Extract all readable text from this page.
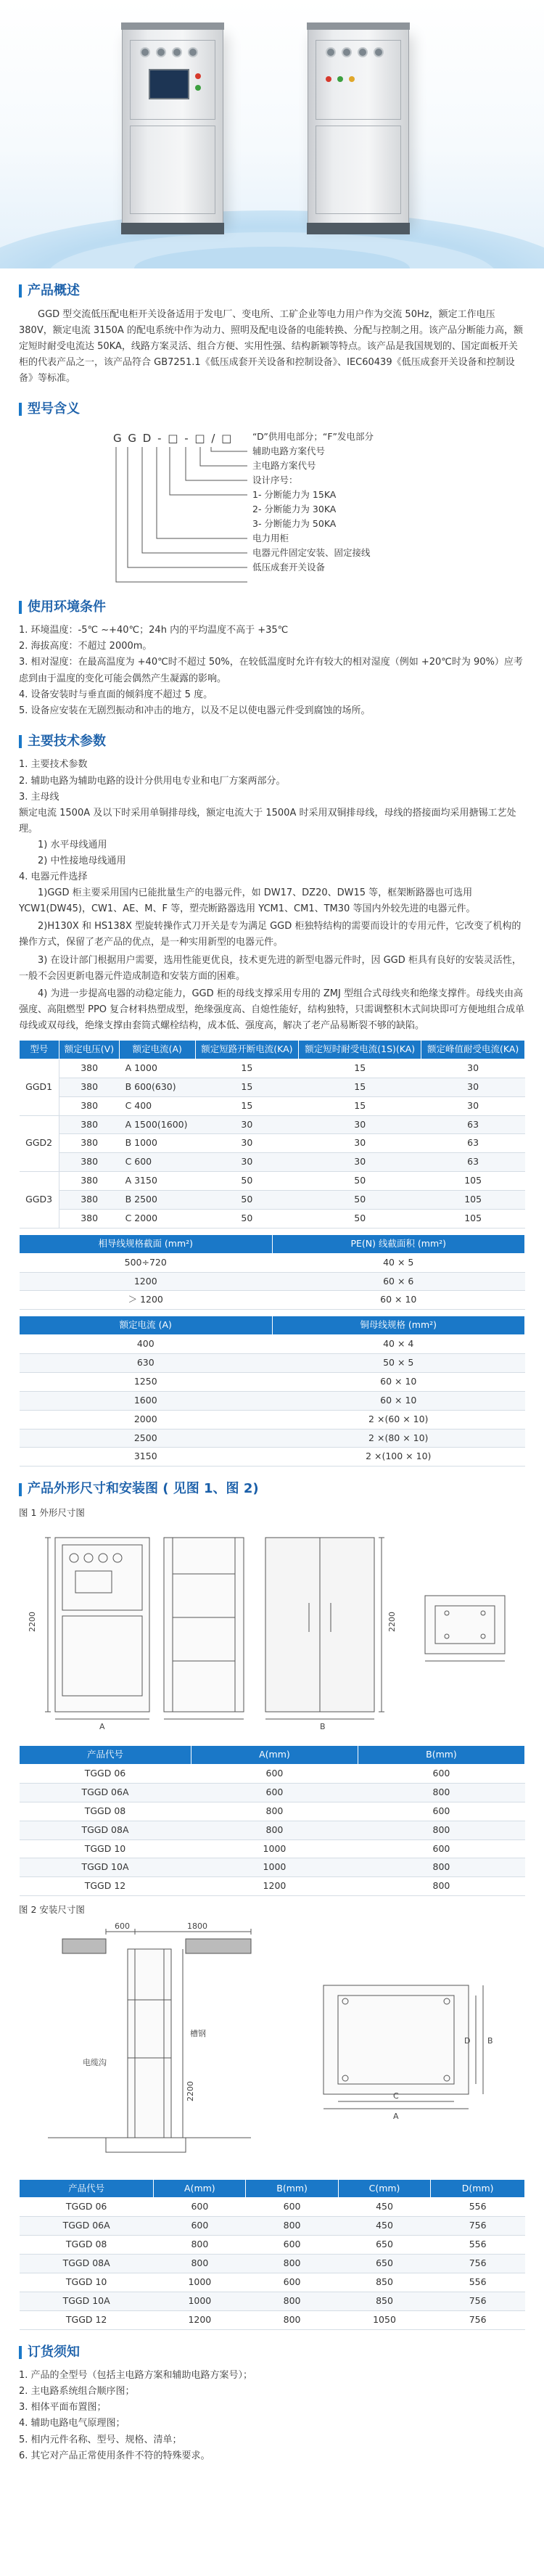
产品概述

GGD 型交流低压配电柜开关设备适用于发电厂、变电所、工矿企业等电力用户作为交流 50Hz，额定工作电压 380V，额定电流 3150A 的配电系统中作为动力、照明及配电设备的电能转换、分配与控制之用。该产品分断能力高，额定短时耐受电流达 50KA，线路方案灵活、组合方便、实用性强、结构新颖等特点。该产品是我国规划的、国定面板开关柜的代表产品之一，该产品符合 GB7251.1《低压成套开关设备和控制设备》、IEC60439《低压成套开关设备和控制设备》等标准。

型号含义
G G D - □ - □ / □ “D”供用电部分；“F”发电部分
辅助电路方案代号
主电路方案代号
设计序号：
1- 分断能力为 15KA
2- 分断能力为 30KA
3- 分断能力为 50KA
电力用柜
电器元件固定安装、固定接线
低压成套开关设备
使用环境条件

1. 环境温度：-5℃ ~+40℃；24h 内的平均温度不高于 +35℃

2. 海拔高度：不超过 2000m。

3. 相对湿度：在最高温度为 +40℃时不超过 50%，在较低温度时允许有较大的相对湿度（例如 +20℃时为 90%）应考虑到由于温度的变化可能会偶然产生凝露的影响。

4. 设备安装时与垂直面的倾斜度不超过 5 度。

5. 设备应安装在无剧烈振动和冲击的地方，以及不足以使电器元件受到腐蚀的场所。

主要技术参数

1. 主要技术参数

2. 辅助电路为辅助电路的设计分供用电专业和电厂方案两部分。

3. 主母线

额定电流 1500A 及以下时采用单铜排母线，额定电流大于 1500A 时采用双铜排母线，母线的搭接面均采用搪锡工艺处理。

1) 水平母线通用

2) 中性接地母线通用

4. 电器元件选择

1)GGD 柜主要采用国内已能批量生产的电器元件，如 DW17、DZ20、DW15 等，框架断路器也可选用 YCW1(DW45)，CW1、AE、M、F 等，塑壳断路器选用 YCM1、CM1、TM30 等国内外较先进的电器元件。

2)H130X 和 HS138X 型旋转操作式刀开关是专为满足 GGD 柜独特结构的需要而设计的专用元件，它改变了机构的操作方式，保留了老产品的优点，是一种实用新型的电器元件。

3) 在设计部门根据用户需要，选用性能更优良，技术更先进的新型电器元件时，因 GGD 柜具有良好的安装灵活性，一般不会因更新电器元件造成制造和安装方面的困难。

4) 为进一步提高电器的动稳定能力，GGD 柜的母线支撑采用专用的 ZMJ 型组合式母线夹和绝缘支撑件。母线夹由高强度、高阻燃型 PPO 复合材料热塑成型，绝缘强度高、自熄性能好，结构独特，只需调整积木式间块即可方便地组合成单母线或双母线，绝缘支撑由套筒式螺栓结构，成本低、强度高，解决了老产品易断裂不够的缺陷。

型号	额定电压(V)	额定电流(A)	额定短路开断电流(KA)	额定短时耐受电流(1S)(KA)	额定峰值耐受电流(KA)
GGD1	380	A 1000	15	15	30
	380	B 600(630)	15	15	30
	380	C 400	15	15	30
GGD2	380	A 1500(1600)	30	30	63
	380	B 1000	30	30	63
	380	C 600	30	30	63
GGD3	380	A 3150	50	50	105
	380	B 2500	50	50	105
	380	C 2000	50	50	105
相导线规格截面 (mm²)	PE(N) 线截面积 (mm²)
500÷720	40 × 5
1200	60 × 6
＞ 1200	60 × 10
额定电流 (A)	铜母线规格 (mm²)
400	40 × 4
630	50 × 5
1250	60 × 10
1600	60 × 10
2000	2 ×(60 × 10)
2500	2 ×(80 × 10)
3150	2 ×(100 × 10)
产品外形尺寸和安装图 ( 见图 1、图 2)
图 1 外形尺寸图
2200
A	B
2200
产品代号	A(mm)	B(mm)
TGGD 06	600	600
TGGD 06A	600	800
TGGD 08	800	600
TGGD 08A	800	800
TGGD 10	1000	600
TGGD 10A	1000	800
TGGD 12	1200	800
图 2 安装尺寸图
600	1800
电缆沟
槽钢
2200
A
C
B
D
产品代号	A(mm)	B(mm)	C(mm)	D(mm)
TGGD 06	600	600	450	556
TGGD 06A	600	800	450	756
TGGD 08	800	600	650	556
TGGD 08A	800	800	650	756
TGGD 10	1000	600	850	556
TGGD 10A	1000	800	850	756
TGGD 12	1200	800	1050	756
订货须知

1. 产品的全型号（包括主电路方案和辅助电路方案号）；

2. 主电路系统组合顺序图；

3. 相体平面布置图；

4. 辅助电路电气原理图；

5. 相内元件名称、型号、规格、清单；

6. 其它对产品正常使用条件不符的特殊要求。
